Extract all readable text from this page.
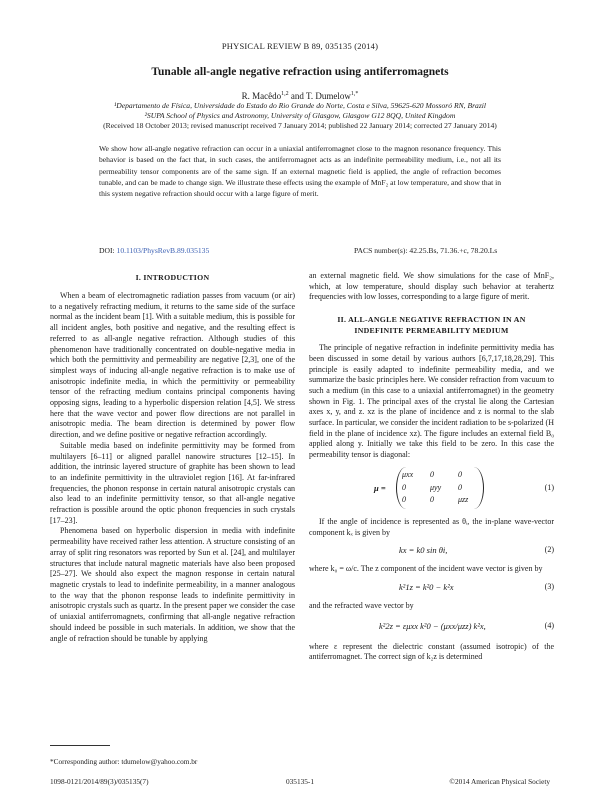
PHYSICAL REVIEW B 89, 035135 (2014)
Tunable all-angle negative refraction using antiferromagnets
R. Macêdo$^{1,2}$ and T. Dumelow$^{1,*}$
¹Departamento de Física, Universidade do Estado do Rio Grande do Norte, Costa e Silva, 59625-620 Mossoró RN, Brazil
²SUPA School of Physics and Astronomy, University of Glasgow, Glasgow G12 8QQ, United Kingdom
(Received 18 October 2013; revised manuscript received 7 January 2014; published 22 January 2014; corrected 27 January 2014)
We show how all-angle negative refraction can occur in a uniaxial antiferromagnet close to the magnon resonance frequency. This behavior is based on the fact that, in such cases, the antiferromagnet acts as an indefinite permeability medium, i.e., not all its permeability tensor components are of the same sign. If an external magnetic field is applied, the angle of refraction becomes tunable, and can be made to change sign. We illustrate these effects using the example of MnF₂ at low temperature, and show that in this system negative refraction should occur with a large figure of merit.
DOI: 10.1103/PhysRevB.89.035135	PACS number(s): 42.25.Bs, 71.36.+c, 78.20.Ls
I. INTRODUCTION

When a beam of electromagnetic radiation passes from vacuum (or air) to a negatively refracting medium, it returns to the same side of the surface normal as the incident beam [1]. With a suitable medium, this is possible for all incident angles, both positive and negative, and the resulting effect is referred to as all-angle negative refraction. Although studies of this phenomenon have traditionally concentrated on double-negative media in which both the permittivity and permeability are negative [2,3], one of the simplest ways of inducing all-angle negative refraction is to make use of anisotropic indefinite media, in which the permittivity or permeability tensor of the refracting medium contains principal components having opposing signs, leading to a hyperbolic dispersion relation [4,5]. We stress here that the wave vector and power flow directions are not parallel in anisotropic media. The beam direction is determined by power flow direction, and we define positive or negative refraction accordingly.

Suitable media based on indefinite permittivity may be formed from multilayers [6–11] or aligned parallel nanowire structures [12–15]. In addition, the intrinsic layered structure of graphite has been shown to lead to an indefinite permittivity in the ultraviolet region [16]. At far-infrared frequencies, the phonon response in certain natural anisotropic crystals can also lead to an indefinite permittivity tensor, so that all-angle negative refraction is possible around the optic phonon frequencies in such crystals [17–23].

Phenomena based on hyperbolic dispersion in media with indefinite permeability have received rather less attention. A structure consisting of an array of split ring resonators was reported by Sun et al. [24], and multilayer structures that include natural magnetic materials have also been proposed [25–27]. We should also expect the magnon response in certain natural magnetic crystals to lead to indefinite permeability, in a manner analogous to the way that the phonon response leads to indefinite permittivity in anisotropic crystals such as quartz. In the present paper we consider the case of uniaxial antiferromagnets, confirming that all-angle negative refraction should indeed be possible in such materials. In addition, we show that the angle of refraction should be tunable by applying

an external magnetic field. We show simulations for the case of MnF₂, which, at low temperature, should display such behavior at terahertz frequencies with low losses, corresponding to a large figure of merit.

II. ALL-ANGLE NEGATIVE REFRACTION IN AN
INDEFINITE PERMEABILITY MEDIUM

The principle of negative refraction in indefinite permittivity media has been discussed in some detail by various authors [6,7,17,18,28,29]. This principle is easily adapted to indefinite permeability media, and we summarize the basic principles here. We consider refraction from vacuum to such a medium (in this case to a uniaxial antiferromagnet) in the geometry shown in Fig. 1. The principal axes of the crystal lie along the Cartesian axes x, y, and z. xz is the plane of incidence and z is normal to the slab surface. In particular, we consider the incident radiation to be s-polarized (H field in the plane of incidence xz). The figure includes an external field B₀ applied along y. Initially we take this field to be zero. In this case the permeability tensor is diagonal:

μ =
μxx	0	0
0	μyy	0
0	0	μzz
(1)

If the angle of incidence is represented as θᵢ, the in-plane wave-vector component kₓ is given by

kx = k0 sin θi,	(2)

where k₀ = ω/c. The z component of the incident wave vector is given by

k²1z = k²0 − k²x	(3)

and the refracted wave vector by

k²2z = εμxx k²0 − (μxx/μzz) k²x,	(4)

where ε represent the dielectric constant (assumed isotropic) of the antiferromagnet. The correct sign of k₂z is determined

*Corresponding author: tdumelow@yahoo.com.br
1098-0121/2014/89(3)/035135(7)	035135-1	©2014 American Physical Society
